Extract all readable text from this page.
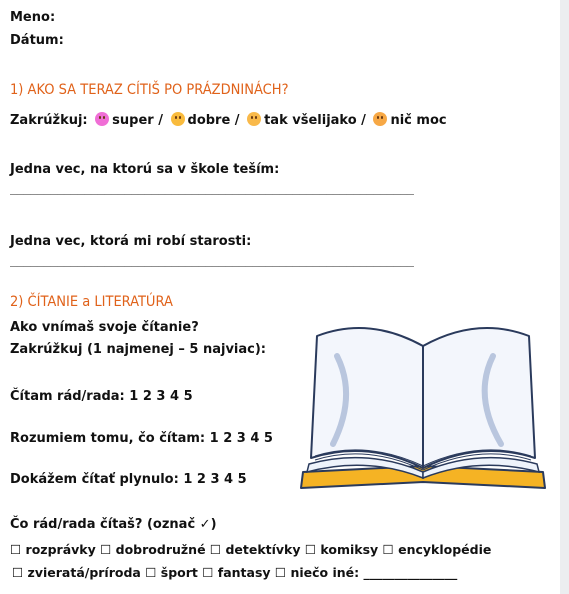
Meno:
Dátum:
1) AKO SA TERAZ CÍTIŠ PO PRÁZDNINÁCH?
Zakrúžkuj: super / dobre / tak všelijako / nič moc
Jedna vec, na ktorú sa v škole teším:
____________________________________________________________
Jedna vec, ktorá mi robí starosti:
____________________________________________________________
2) ČÍTANIE a LITERATÚRA
Ako vnímaš svoje čítanie?
Zakrúžkuj (1 najmenej – 5 najviac):
Čítam rád/rada: 1 2 3 4 5
Rozumiem tomu, čo čítam: 1 2 3 4 5
Dokážem čítať plynulo: 1 2 3 4 5
Čo rád/rada čítaš? (označ ✓)
☐ rozprávky ☐ dobrodružné ☐ detektívky ☐ komiksy ☐ encyklopédie
☐ zvieratá/príroda ☐ šport ☐ fantasy ☐ niečo iné: _______________
